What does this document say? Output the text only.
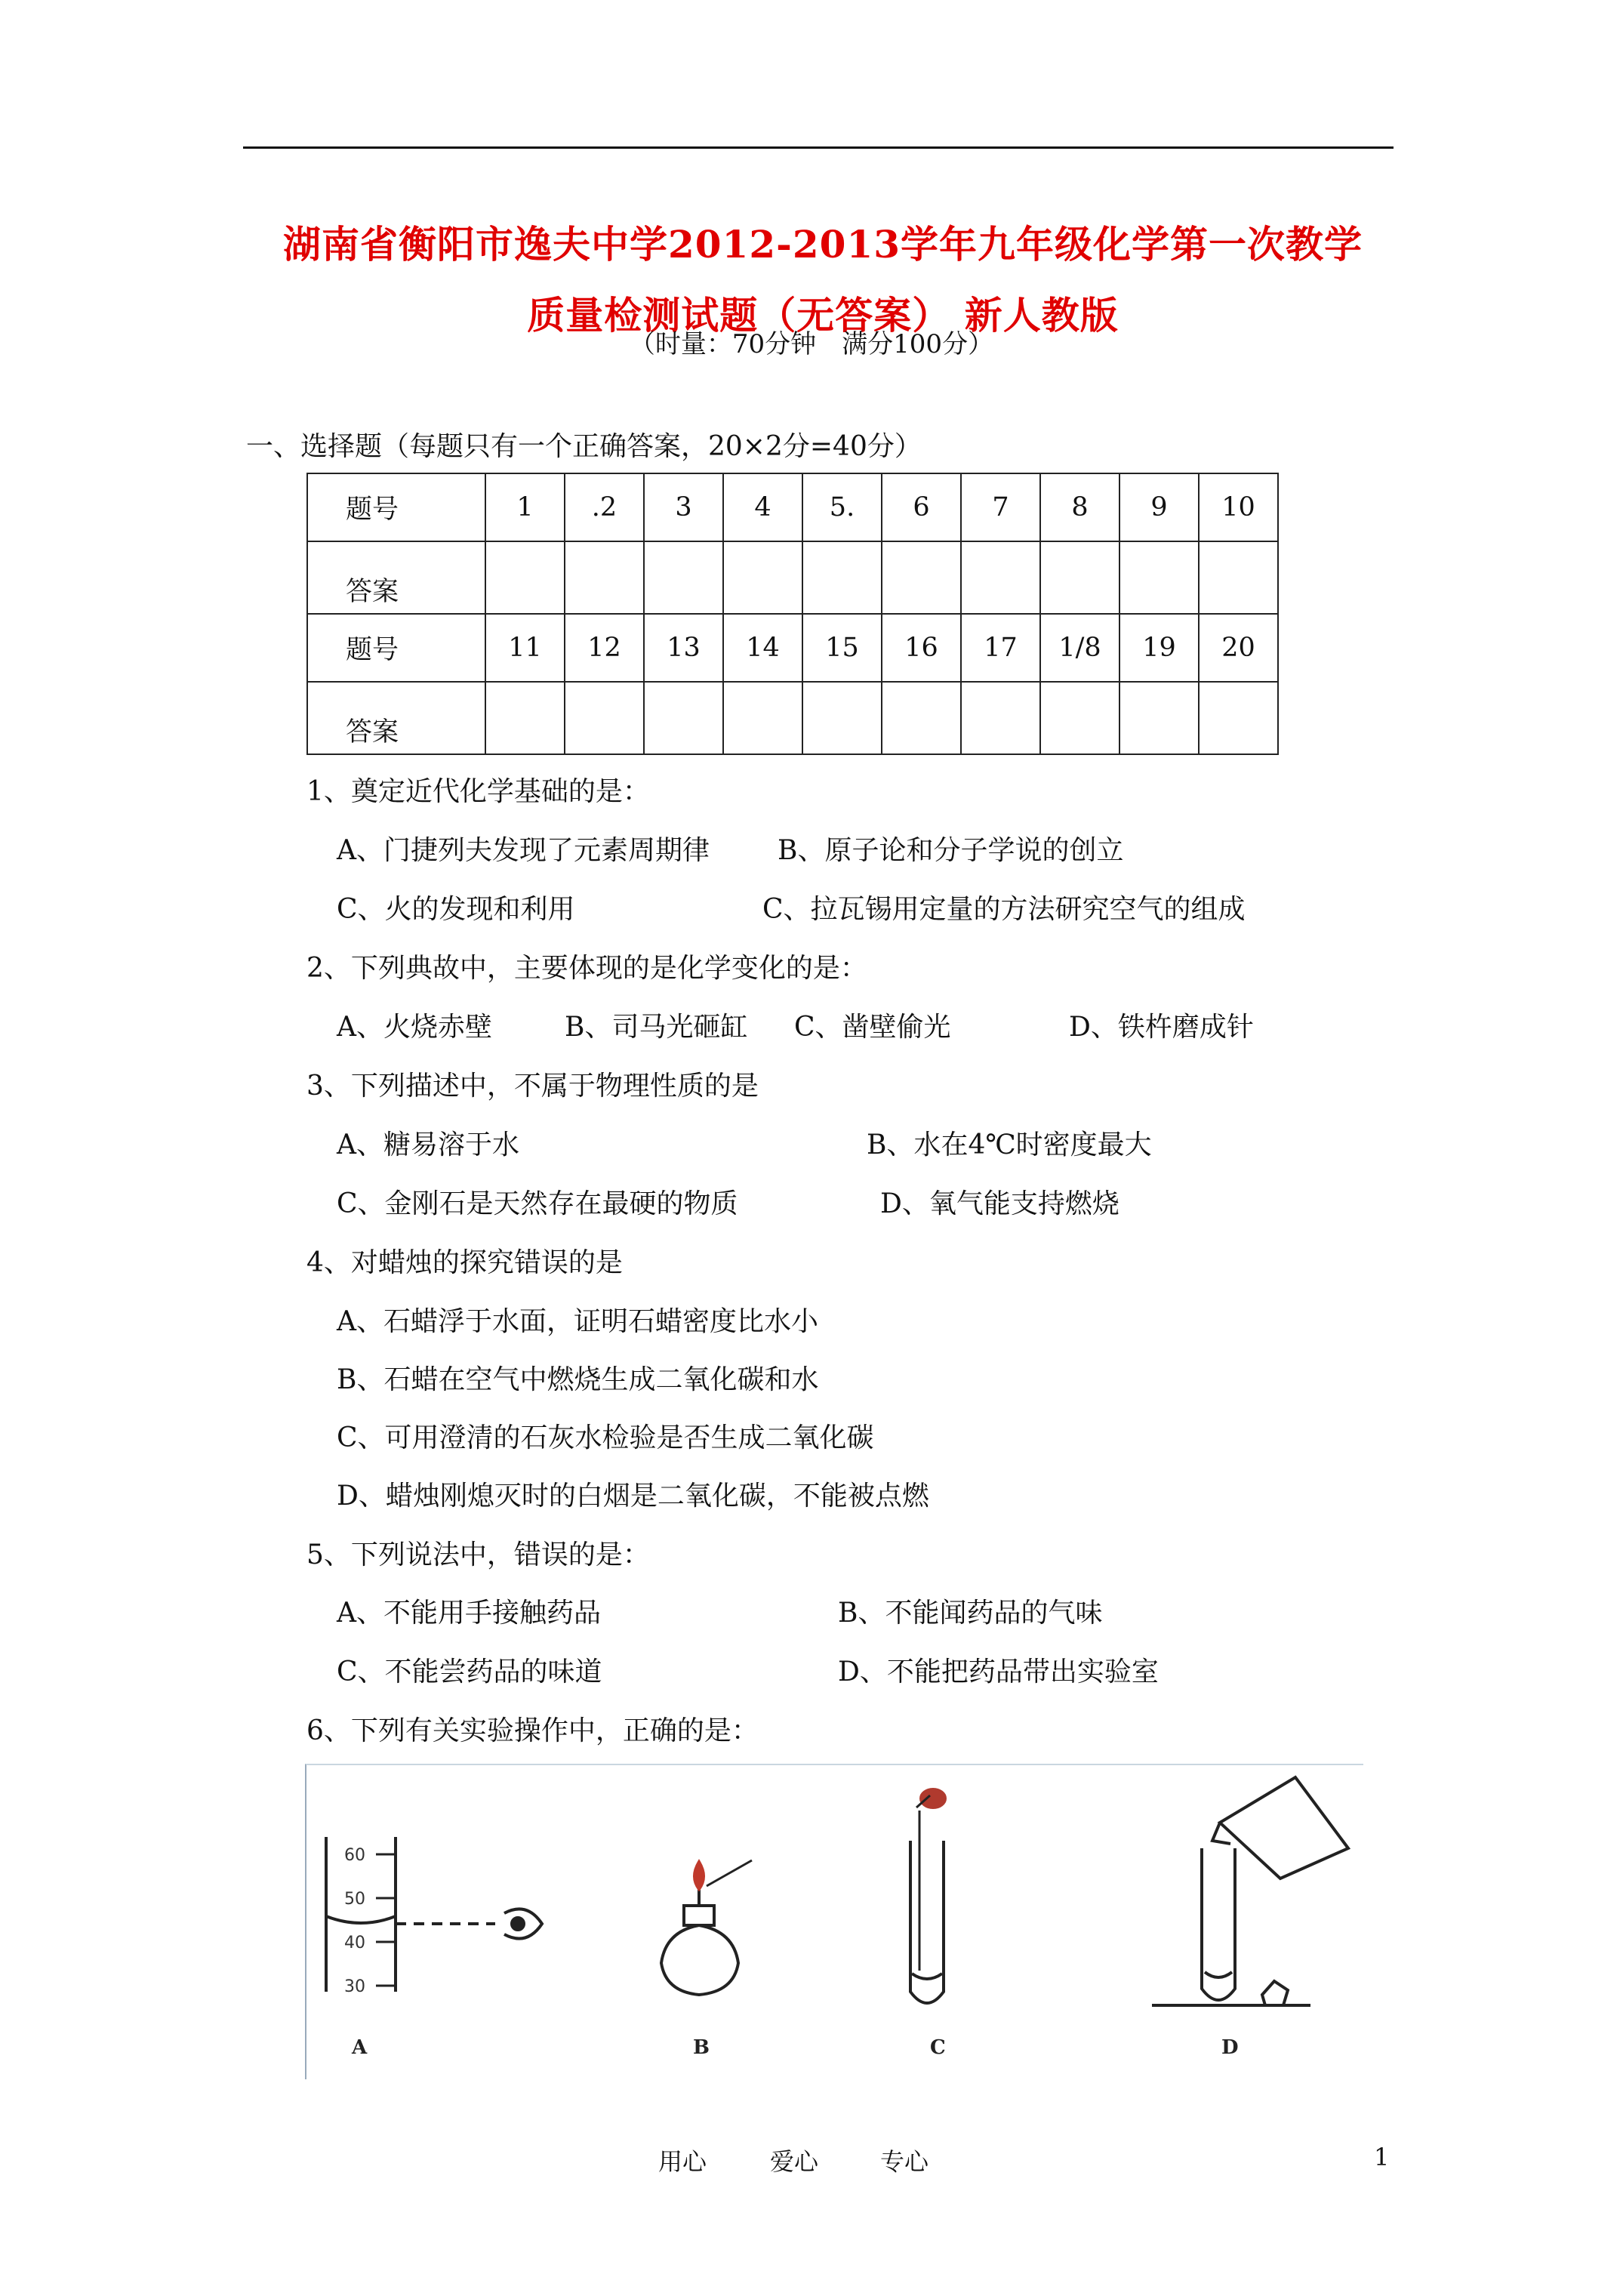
湖南省衡阳市逸夫中学2012-2013学年九年级化学第一次教学
质量检测试题（无答案） 新人教版
（时量：70分钟　满分100分）
一、选择题（每题只有一个正确答案，20×2分=40分）
题号	1	.2	3	4	5.	6	7	8	9	10
答案										
题号	11	12	13	14	15	16	17	1/8	19	20
答案										
1、奠定近代化学基础的是：
A、门捷列夫发现了元素周期律	B、原子论和分子学说的创立
C、火的发现和利用	C、拉瓦锡用定量的方法研究空气的组成
2、下列典故中，主要体现的是化学变化的是：
A、火烧赤壁	B、司马光砸缸 C、凿壁偷光	D、铁杵磨成针
3、下列描述中，不属于物理性质的是
A、糖易溶于水	B、水在4℃时密度最大
C、金刚石是天然存在最硬的物质	D、氧气能支持燃烧
4、对蜡烛的探究错误的是
A、石蜡浮于水面，证明石蜡密度比水小
B、石蜡在空气中燃烧生成二氧化碳和水
C、可用澄清的石灰水检验是否生成二氧化碳
D、蜡烛刚熄灭时的白烟是二氧化碳，不能被点燃
5、下列说法中，错误的是：
A、不能用手接触药品	B、不能闻药品的气味
C、不能尝药品的味道	D、不能把药品带出实验室
6、下列有关实验操作中，正确的是：
60
50
40
30
A	B	C	D
用心	爱心	专心	1
